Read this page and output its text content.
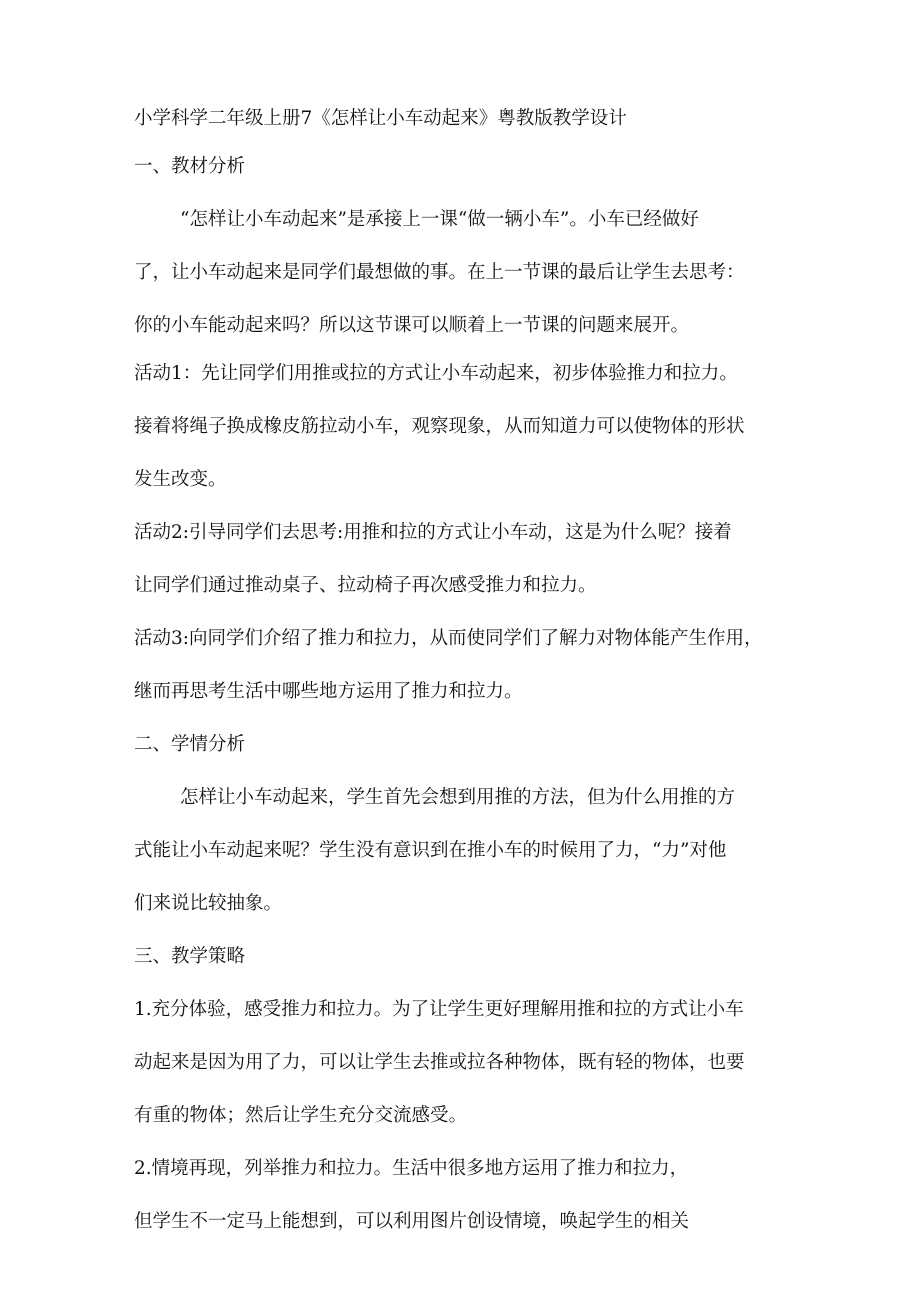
小学科学二年级上册7《怎样让小车动起来》粤教版教学设计

一、教材分析

“怎样让小车动起来”是承接上一课“做一辆小车”。小车已经做好

了，让小车动起来是同学们最想做的事。在上一节课的最后让学生去思考：

你的小车能动起来吗？所以这节课可以顺着上一节课的问题来展开。

活动1：先让同学们用推或拉的方式让小车动起来，初步体验推力和拉力。

接着将绳子换成橡皮筋拉动小车，观察现象，从而知道力可以使物体的形状

发生改变。

活动2:引导同学们去思考:用推和拉的方式让小车动，这是为什么呢？接着

让同学们通过推动桌子、拉动椅子再次感受推力和拉力。

活动3:向同学们介绍了推力和拉力，从而使同学们了解力对物体能产生作用，

继而再思考生活中哪些地方运用了推力和拉力。

二、学情分析

怎样让小车动起来，学生首先会想到用推的方法，但为什么用推的方

式能让小车动起来呢？学生没有意识到在推小车的时候用了力，“力”对他

们来说比较抽象。

三、教学策略

1.充分体验，感受推力和拉力。为了让学生更好理解用推和拉的方式让小车

动起来是因为用了力，可以让学生去推或拉各种物体，既有轻的物体，也要

有重的物体；然后让学生充分交流感受。

2.情境再现，列举推力和拉力。生活中很多地方运用了推力和拉力，

但学生不一定马上能想到，可以利用图片创设情境，唤起学生的相关
